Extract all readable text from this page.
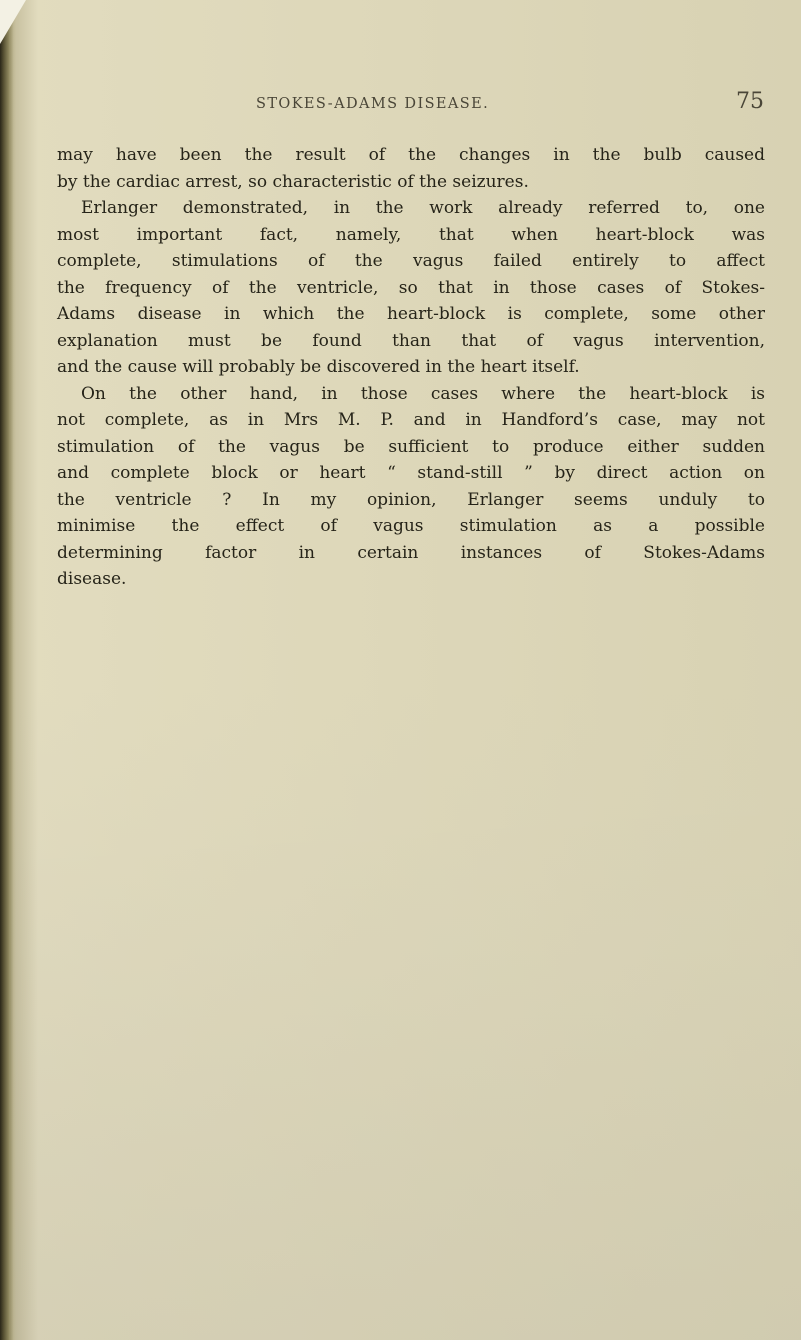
STOKES-ADAMS DISEASE.	75
may have been the result of the changes in the bulb caused
by the cardiac arrest, so characteristic of the seizures.
Erlanger demonstrated, in the work already referred to, one
most important fact, namely, that when heart-block was
complete, stimulations of the vagus failed entirely to affect
the frequency of the ventricle, so that in those cases of Stokes-
Adams disease in which the heart-block is complete, some other
explanation must be found than that of vagus intervention,
and the cause will probably be discovered in the heart itself.
On the other hand, in those cases where the heart-block is
not complete, as in Mrs M. P. and in Handford’s case, may not
stimulation of the vagus be sufficient to produce either sudden
and complete block or heart “ stand-still ” by direct action on
the ventricle ? In my opinion, Erlanger seems unduly to
minimise the effect of vagus stimulation as a possible
determining factor in certain instances of Stokes-Adams
disease.
